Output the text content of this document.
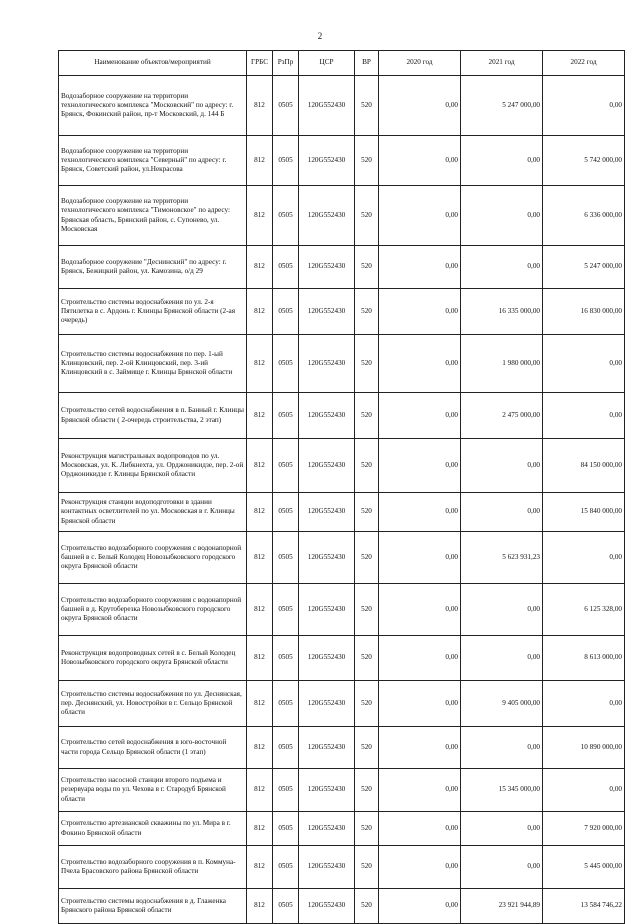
2
Наименование объектов/мероприятий	ГРБС	РзПр	ЦСР	ВР	2020 год	2021 год	2022 год
Водозаборное сооружение на территории технологического комплекса "Московский" по адресу: г. Брянск, Фокинский район, пр-т Московский, д. 144 Б	812	0505	120G552430	520	0,00	5 247 000,00	0,00
Водозаборное сооружение на территории технологического комплекса "Северный" по адресу: г. Брянск, Советский район, ул.Некрасова	812	0505	120G552430	520	0,00	0,00	5 742 000,00
Водозаборное сооружение на территории технологического комплекса "Тимоновское" по адресу: Брянская область, Брянский район, с. Супонево, ул. Московская	812	0505	120G552430	520	0,00	0,00	6 336 000,00
Водозаборное сооружение "Деснинский" по адресу: г. Брянск, Бежицкий район, ул. Камозина, о/д 29	812	0505	120G552430	520	0,00	0,00	5 247 000,00
Строительство системы водоснабжения по ул. 2-я Пятилетка в с. Ардонь г. Клинцы Брянской области (2-ая очередь)	812	0505	120G552430	520	0,00	16 335 000,00	16 830 000,00
Строительство системы водоснабжения по пер. 1-ый Клинцовский, пер. 2-ой Клинцовский, пер. 3-ий Клинцовский в с. Займище г. Клинцы Брянской области	812	0505	120G552430	520	0,00	1 980 000,00	0,00
Строительство сетей водоснабжения в п. Банный г. Клинцы Брянской области ( 2-очередь строительства, 2 этап)	812	0505	120G552430	520	0,00	2 475 000,00	0,00
Реконструкция магистральных водопроводов по ул. Московская, ул. К. Либкнехта, ул. Орджоникидзе, пер. 2-ой Орджоникидзе г. Клинцы Брянской области	812	0505	120G552430	520	0,00	0,00	84 150 000,00
Реконструкция станции водоподготовки в здании контактных осветлителей по ул. Московская в г. Клинцы Брянской области	812	0505	120G552430	520	0,00	0,00	15 840 000,00
Строительство водозаборного сооружения с водонапорной башней в с. Белый Колодец Новозыбковского городского округа Брянской области	812	0505	120G552430	520	0,00	5 623 931,23	0,00
Строительство водозаборного сооружения с водонапорной башней в д. Крутоберезка Новозыбковского городского округа Брянской области	812	0505	120G552430	520	0,00	0,00	6 125 328,00
Реконструкция водопроводных сетей в с. Белый Колодец Новозыбковского городского округа Брянской области	812	0505	120G552430	520	0,00	0,00	8 613 000,00
Строительство системы водоснабжения по ул. Деснянская, пер. Деснянский, ул. Новостройки в г. Сельцо Брянской области	812	0505	120G552430	520	0,00	9 405 000,00	0,00
Строительство сетей водоснабжения в юго-восточной части города Сельцо Брянской области (1 этап)	812	0505	120G552430	520	0,00	0,00	10 890 000,00
Строительство насосной станции второго подъема и резервуара воды по ул. Чехова в г. Стародуб Брянской области	812	0505	120G552430	520	0,00	15 345 000,00	0,00
Строительство артезианской скважины по ул. Мира в г. Фокино Брянской области	812	0505	120G552430	520	0,00	0,00	7 920 000,00
Строительство водозаборного сооружения в п. Коммуна-Пчела Брасовского района Брянской области	812	0505	120G552430	520	0,00	0,00	5 445 000,00
Строительство системы водоснабжения в д. Глаженка Брянского района Брянской области	812	0505	120G552430	520	0,00	23 921 944,89	13 584 746,22
